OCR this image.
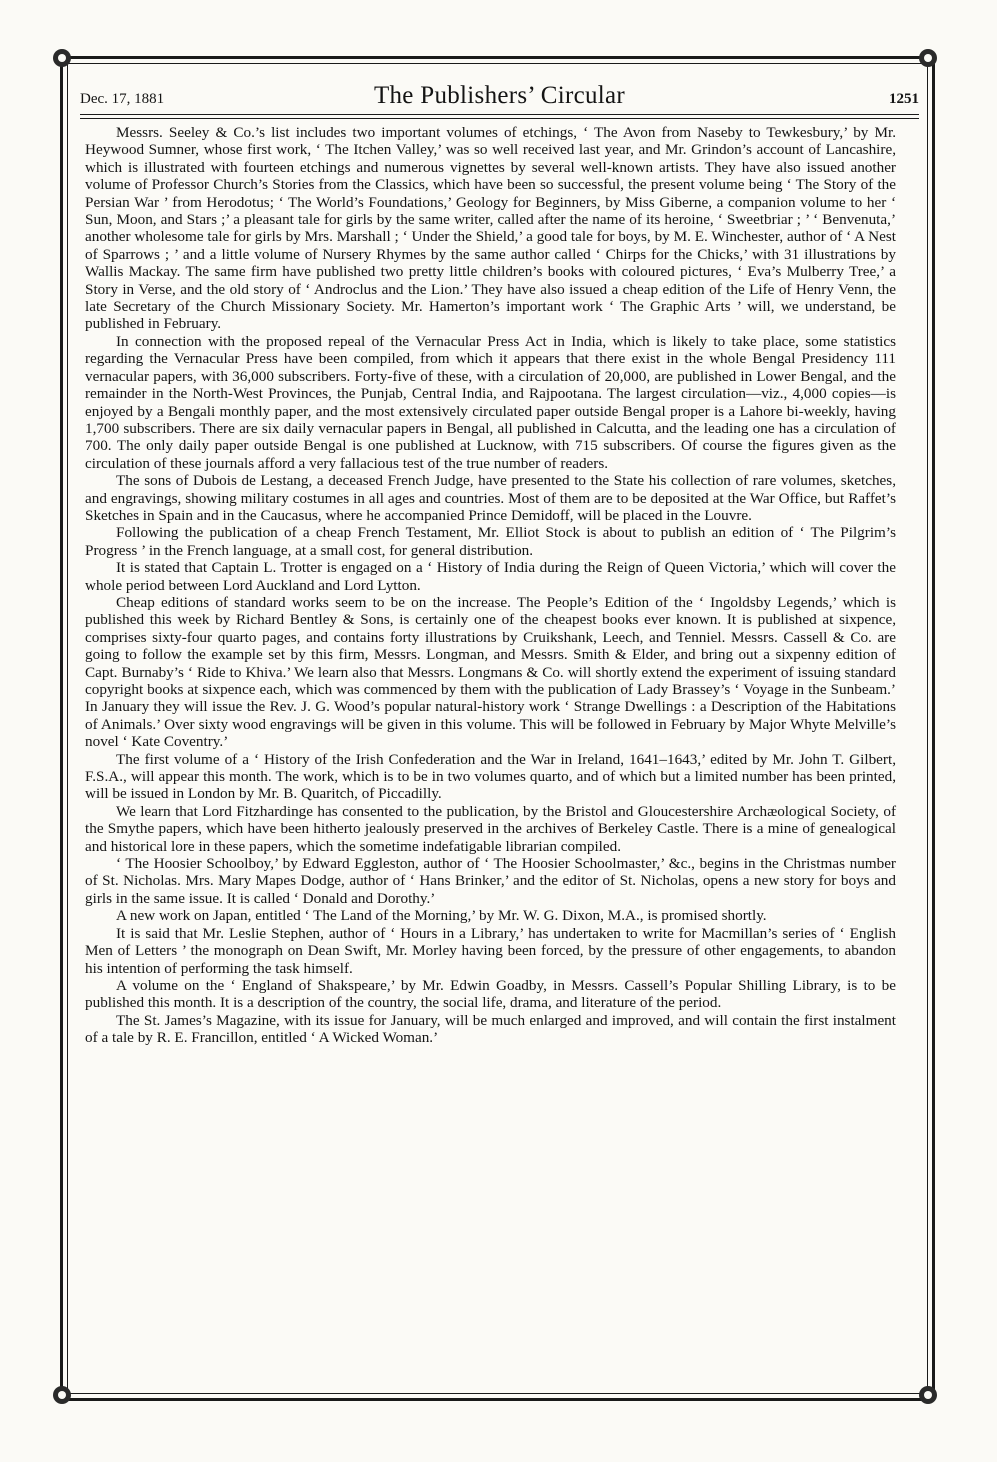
Dec. 17, 1881	The Publishers’ Circular	1251

Messrs. Seeley & Co.’s list includes two important volumes of etchings, ‘ The Avon from Naseby to Tewkesbury,’ by Mr. Heywood Sumner, whose first work, ‘ The Itchen Valley,’ was so well received last year, and Mr. Grindon’s account of Lancashire, which is illustrated with fourteen etchings and numerous vignettes by several well-known artists. They have also issued another volume of Professor Church’s Stories from the Classics, which have been so successful, the present volume being ‘ The Story of the Persian War ’ from Herodotus; ‘ The World’s Foundations,’ Geology for Beginners, by Miss Giberne, a companion volume to her ‘ Sun, Moon, and Stars ;’ a pleasant tale for girls by the same writer, called after the name of its heroine, ‘ Sweetbriar ; ’ ‘ Benvenuta,’ another wholesome tale for girls by Mrs. Marshall ; ‘ Under the Shield,’ a good tale for boys, by M. E. Winchester, author of ‘ A Nest of Sparrows ; ’ and a little volume of Nursery Rhymes by the same author called ‘ Chirps for the Chicks,’ with 31 illustrations by Wallis Mackay. The same firm have published two pretty little children’s books with coloured pictures, ‘ Eva’s Mulberry Tree,’ a Story in Verse, and the old story of ‘ Androclus and the Lion.’ They have also issued a cheap edition of the Life of Henry Venn, the late Secretary of the Church Missionary Society. Mr. Hamerton’s important work ‘ The Graphic Arts ’ will, we understand, be published in February.

In connection with the proposed repeal of the Vernacular Press Act in India, which is likely to take place, some statistics regarding the Vernacular Press have been compiled, from which it appears that there exist in the whole Bengal Presidency 111 vernacular papers, with 36,000 subscribers. Forty-five of these, with a circulation of 20,000, are published in Lower Bengal, and the remainder in the North-West Provinces, the Punjab, Central India, and Rajpootana. The largest circulation—viz., 4,000 copies—is enjoyed by a Bengali monthly paper, and the most extensively circulated paper outside Bengal proper is a Lahore bi-weekly, having 1,700 subscribers. There are six daily vernacular papers in Bengal, all published in Calcutta, and the leading one has a circulation of 700. The only daily paper outside Bengal is one published at Lucknow, with 715 subscribers. Of course the figures given as the circulation of these journals afford a very fallacious test of the true number of readers.

The sons of Dubois de Lestang, a deceased French Judge, have presented to the State his collection of rare volumes, sketches, and engravings, showing military costumes in all ages and countries. Most of them are to be deposited at the War Office, but Raffet’s Sketches in Spain and in the Caucasus, where he accompanied Prince Demidoff, will be placed in the Louvre.

Following the publication of a cheap French Testament, Mr. Elliot Stock is about to publish an edition of ‘ The Pilgrim’s Progress ’ in the French language, at a small cost, for general distribution.

It is stated that Captain L. Trotter is engaged on a ‘ History of India during the Reign of Queen Victoria,’ which will cover the whole period between Lord Auckland and Lord Lytton.

Cheap editions of standard works seem to be on the increase. The People’s Edition of the ‘ Ingoldsby Legends,’ which is published this week by Richard Bentley & Sons, is certainly one of the cheapest books ever known. It is published at sixpence, comprises sixty-four quarto pages, and contains forty illustrations by Cruikshank, Leech, and Tenniel. Messrs. Cassell & Co. are going to follow the example set by this firm, Messrs. Longman, and Messrs. Smith & Elder, and bring out a sixpenny edition of Capt. Burnaby’s ‘ Ride to Khiva.’ We learn also that Messrs. Longmans & Co. will shortly extend the experiment of issuing standard copyright books at sixpence each, which was commenced by them with the publication of Lady Brassey’s ‘ Voyage in the Sunbeam.’ In January they will issue the Rev. J. G. Wood’s popular natural-history work ‘ Strange Dwellings : a Description of the Habitations of Animals.’ Over sixty wood engravings will be given in this volume. This will be followed in February by Major Whyte Melville’s novel ‘ Kate Coventry.’

The first volume of a ‘ History of the Irish Confederation and the War in Ireland, 1641–1643,’ edited by Mr. John T. Gilbert, F.S.A., will appear this month. The work, which is to be in two volumes quarto, and of which but a limited number has been printed, will be issued in London by Mr. B. Quaritch, of Piccadilly.

We learn that Lord Fitzhardinge has consented to the publication, by the Bristol and Gloucestershire Archæological Society, of the Smythe papers, which have been hitherto jealously preserved in the archives of Berkeley Castle. There is a mine of genealogical and historical lore in these papers, which the sometime indefatigable librarian compiled.

‘ The Hoosier Schoolboy,’ by Edward Eggleston, author of ‘ The Hoosier Schoolmaster,’ &c., begins in the Christmas number of St. Nicholas. Mrs. Mary Mapes Dodge, author of ‘ Hans Brinker,’ and the editor of St. Nicholas, opens a new story for boys and girls in the same issue. It is called ‘ Donald and Dorothy.’

A new work on Japan, entitled ‘ The Land of the Morning,’ by Mr. W. G. Dixon, M.A., is promised shortly.

It is said that Mr. Leslie Stephen, author of ‘ Hours in a Library,’ has undertaken to write for Macmillan’s series of ‘ English Men of Letters ’ the monograph on Dean Swift, Mr. Morley having been forced, by the pressure of other engagements, to abandon his intention of performing the task himself.

A volume on the ‘ England of Shakspeare,’ by Mr. Edwin Goadby, in Messrs. Cassell’s Popular Shilling Library, is to be published this month. It is a description of the country, the social life, drama, and literature of the period.

The St. James’s Magazine, with its issue for January, will be much enlarged and improved, and will contain the first instalment of a tale by R. E. Francillon, entitled ‘ A Wicked Woman.’
